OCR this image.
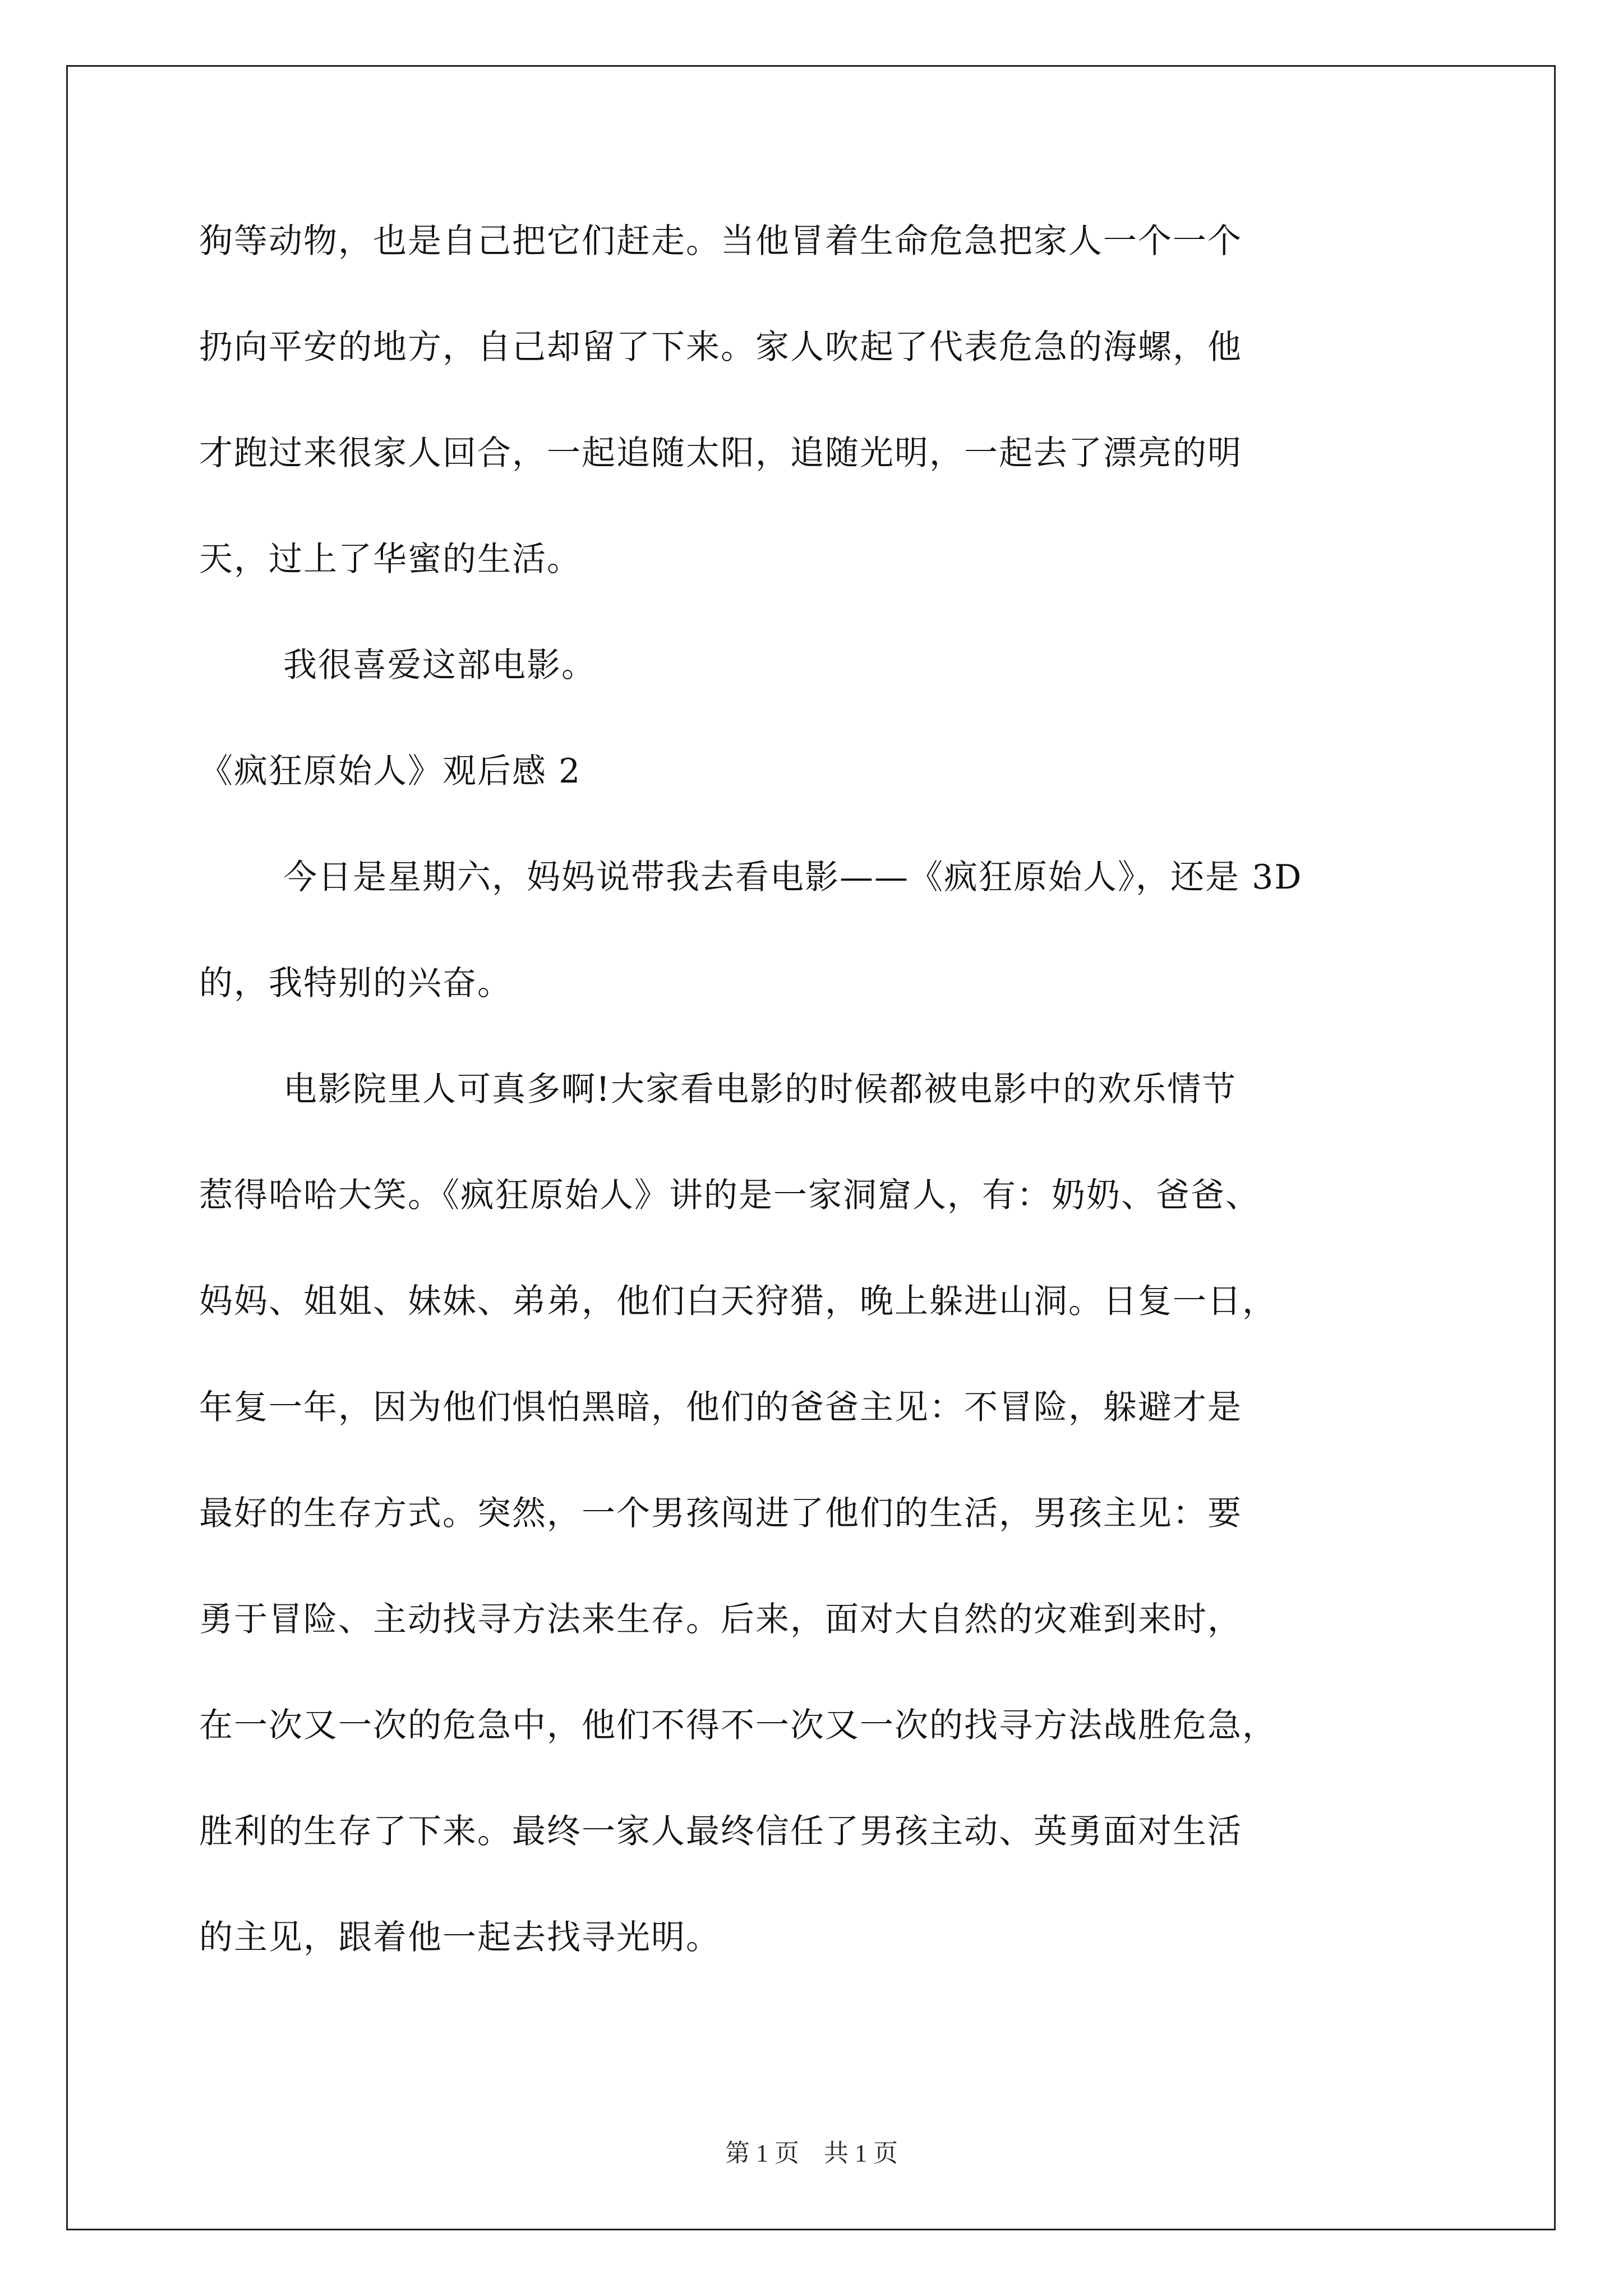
狗等动物，也是自己把它们赶走。当他冒着生命危急把家人一个一个
扔向平安的地方，自己却留了下来。家人吹起了代表危急的海螺，他
才跑过来很家人回合，一起追随太阳，追随光明，一起去了漂亮的明
天，过上了华蜜的生活。
我很喜爱这部电影。
《疯狂原始人》观后感 2
今日是星期六，妈妈说带我去看电影——《疯狂原始人》，还是 3D
的，我特别的兴奋。
电影院里人可真多啊!大家看电影的时候都被电影中的欢乐情节
惹得哈哈大笑。《疯狂原始人》讲的是一家洞窟人，有：奶奶、爸爸、
妈妈、姐姐、妹妹、弟弟，他们白天狩猎，晚上躲进山洞。日复一日，
年复一年，因为他们惧怕黑暗，他们的爸爸主见：不冒险，躲避才是
最好的生存方式。突然，一个男孩闯进了他们的生活，男孩主见：要
勇于冒险、主动找寻方法来生存。后来，面对大自然的灾难到来时，
在一次又一次的危急中，他们不得不一次又一次的找寻方法战胜危急，
胜利的生存了下来。最终一家人最终信任了男孩主动、英勇面对生活
的主见，跟着他一起去找寻光明。
第 1 页　共 1 页
